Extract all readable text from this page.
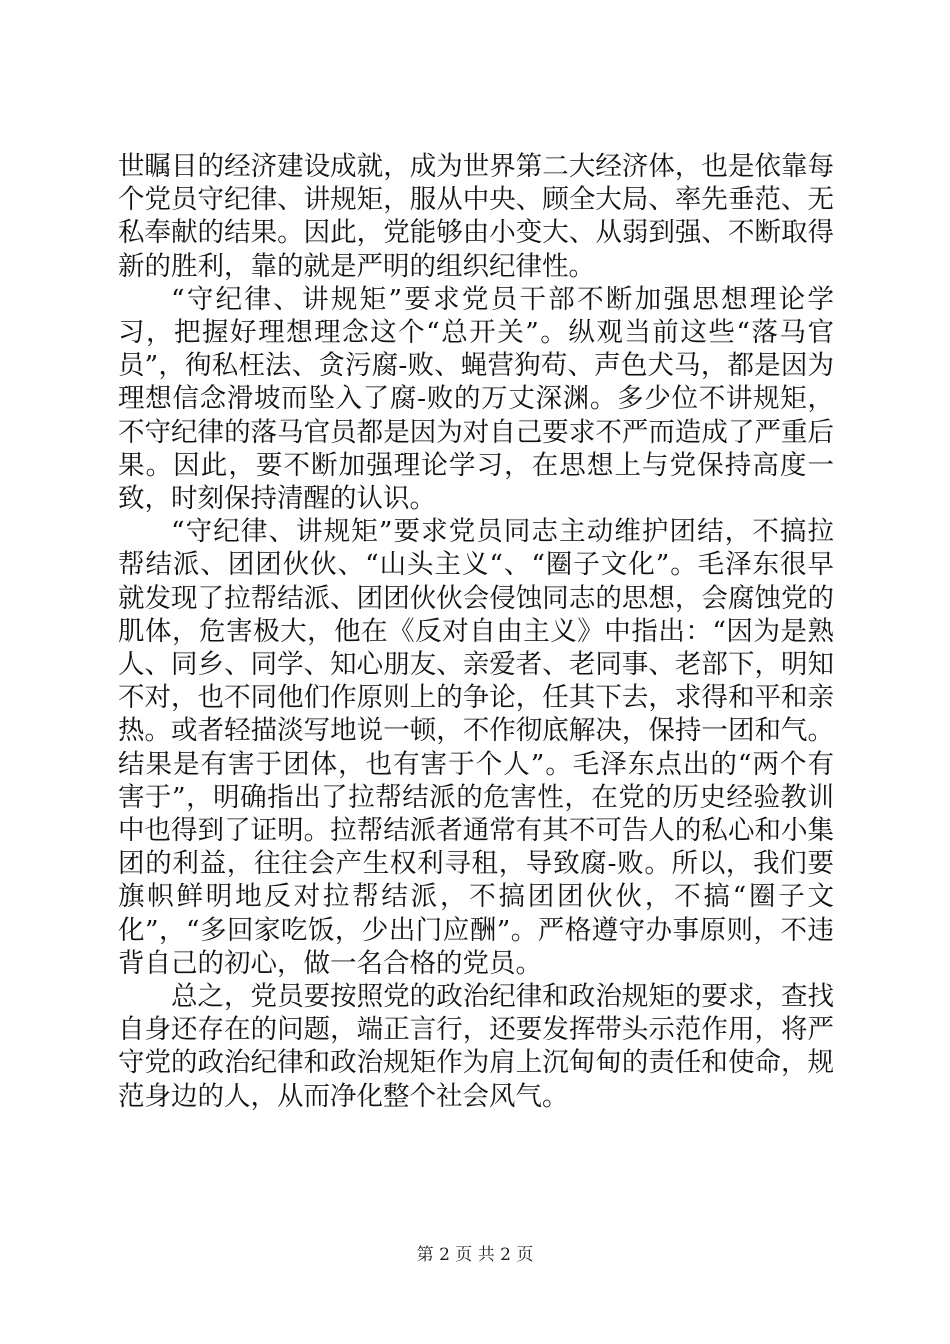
世瞩目的经济建设成就，成为世界第二大经济体，也是依靠每个党员守纪律、讲规矩，服从中央、顾全大局、率先垂范、无私奉献的结果。因此，党能够由小变大、从弱到强、不断取得新的胜利，靠的就是严明的组织纪律性。

“守纪律、讲规矩”要求党员干部不断加强思想理论学习，把握好理想理念这个“总开关”。纵观当前这些“落马官员”，徇私枉法、贪污腐-败、蝇营狗苟、声色犬马，都是因为理想信念滑坡而坠入了腐-败的万丈深渊。多少位不讲规矩，不守纪律的落马官员都是因为对自己要求不严而造成了严重后果。因此，要不断加强理论学习，在思想上与党保持高度一致，时刻保持清醒的认识。

“守纪律、讲规矩”要求党员同志主动维护团结，不搞拉帮结派、团团伙伙、“山头主义“、“圈子文化”。毛泽东很早就发现了拉帮结派、团团伙伙会侵蚀同志的思想，会腐蚀党的肌体，危害极大，他在《反对自由主义》中指出：“因为是熟人、同乡、同学、知心朋友、亲爱者、老同事、老部下，明知不对，也不同他们作原则上的争论，任其下去，求得和平和亲热。或者轻描淡写地说一顿，不作彻底解决，保持一团和气。结果是有害于团体，也有害于个人”。毛泽东点出的“两个有害于”，明确指出了拉帮结派的危害性，在党的历史经验教训中也得到了证明。拉帮结派者通常有其不可告人的私心和小集团的利益，往往会产生权利寻租，导致腐-败。所以，我们要旗帜鲜明地反对拉帮结派，不搞团团伙伙，不搞“圈子文化”，“多回家吃饭，少出门应酬”。严格遵守办事原则，不违背自己的初心，做一名合格的党员。

总之，党员要按照党的政治纪律和政治规矩的要求，查找自身还存在的问题，端正言行，还要发挥带头示范作用，将严守党的政治纪律和政治规矩作为肩上沉甸甸的责任和使命，规范身边的人，从而净化整个社会风气。

第 2 页 共 2 页
